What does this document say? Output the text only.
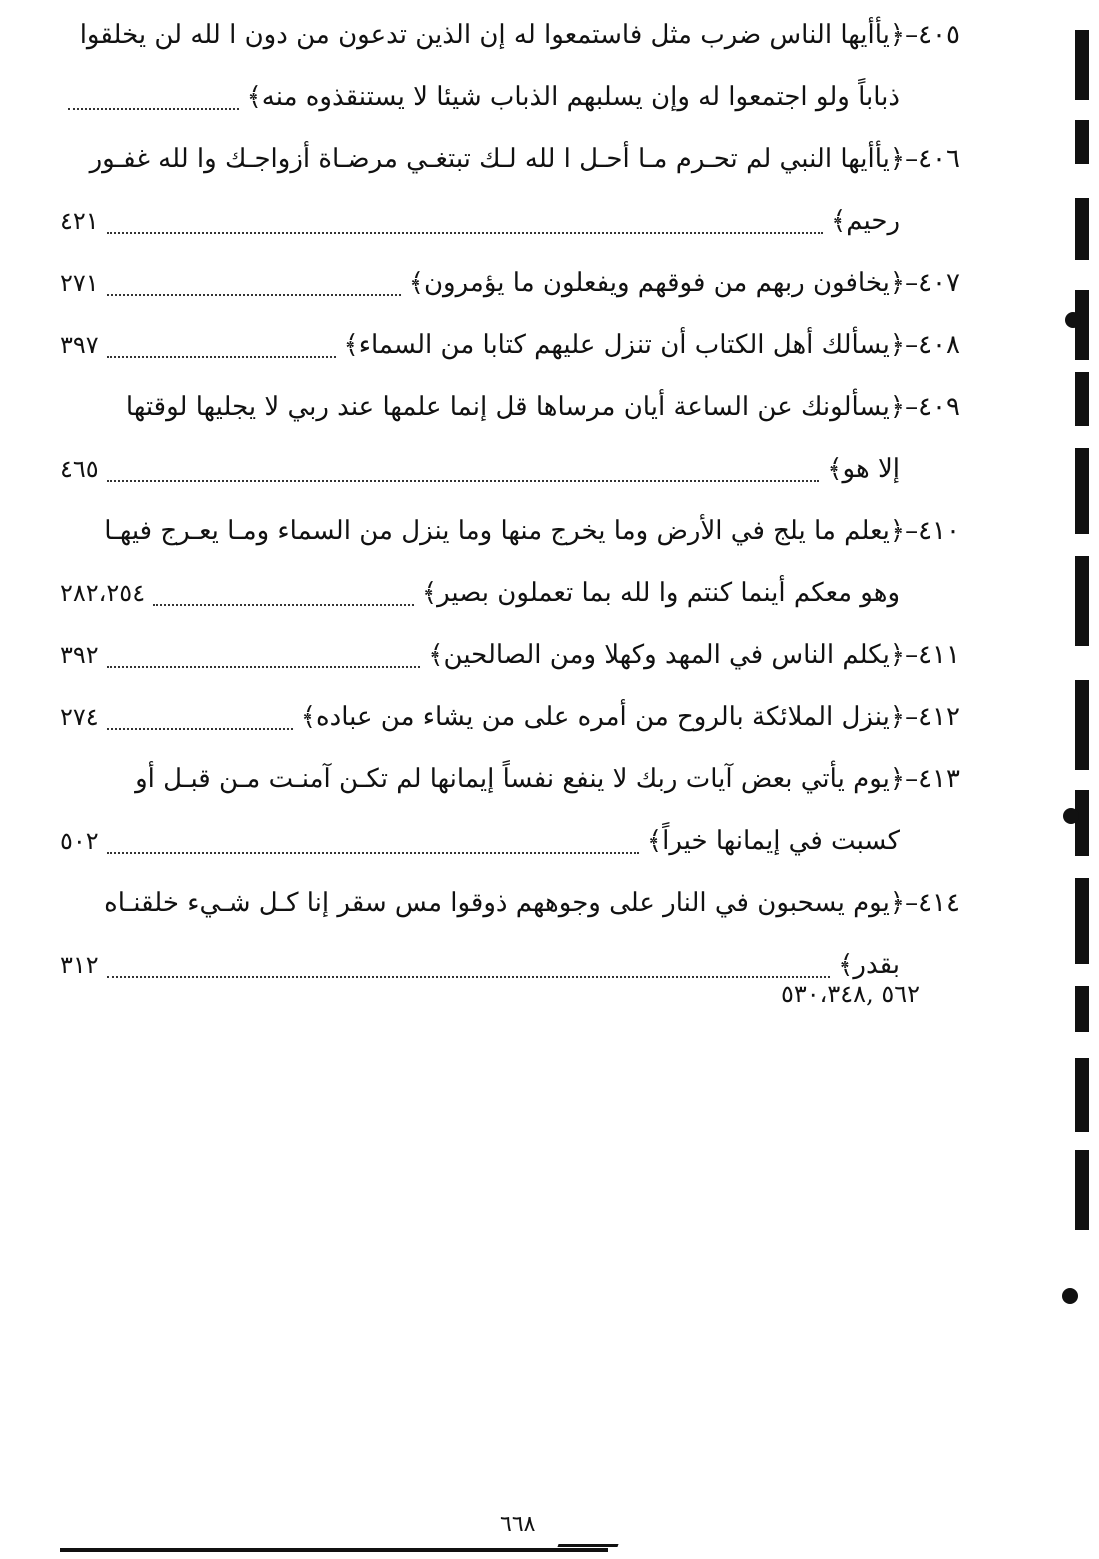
٤٠٥–﴿يأأيها الناس ضرب مثل فاستمعوا له إن الذين تدعون من دون ا لله لن يخلقوا
ذباباً ولو اجتمعوا له وإن يسلبهم الذباب شيئا لا يستنقذوه منه﴾
٤٠٦–﴿يأأيها النبي لم تحـرم مـا أحـل ا لله لـك تبتغـي مرضـاة أزواجـك وا لله غفـور
رحيم﴾
٤٢١
٤٠٧–﴿يخافون ربهم من فوقهم ويفعلون ما يؤمرون﴾
٢٧١
٤٠٨–﴿يسألك أهل الكتاب أن تنزل عليهم كتابا من السماء﴾
٣٩٧
٤٠٩–﴿يسألونك عن الساعة أيان مرساها قل إنما علمها عند ربي لا يجليها لوقتها
إلا هو﴾
٤٦٥
٤١٠–﴿يعلم ما يلج في الأرض وما يخرج منها وما ينزل من السماء ومـا يعـرج فيهـا
وهو معكم أينما كنتم وا لله بما تعملون بصير﴾
٢٨٢،٢٥٤
٤١١–﴿يكلم الناس في المهد وكهلا ومن الصالحين﴾
٣٩٢
٤١٢–﴿ينزل الملائكة بالروح من أمره على من يشاء من عباده﴾
٢٧٤
٤١٣–﴿يوم يأتي بعض آيات ربك لا ينفع نفساً إيمانها لم تكـن آمنـت مـن قبـل أو
كسبت في إيمانها خيراً﴾
٥٠٢
٤١٤–﴿يوم يسحبون في النار على وجوههم ذوقوا مس سقر إنا كـل شـيء خلقنـاه
بقدر﴾
٣١٢
٥٦٢ ,٥٣٠،٣٤٨
٦٦٨
